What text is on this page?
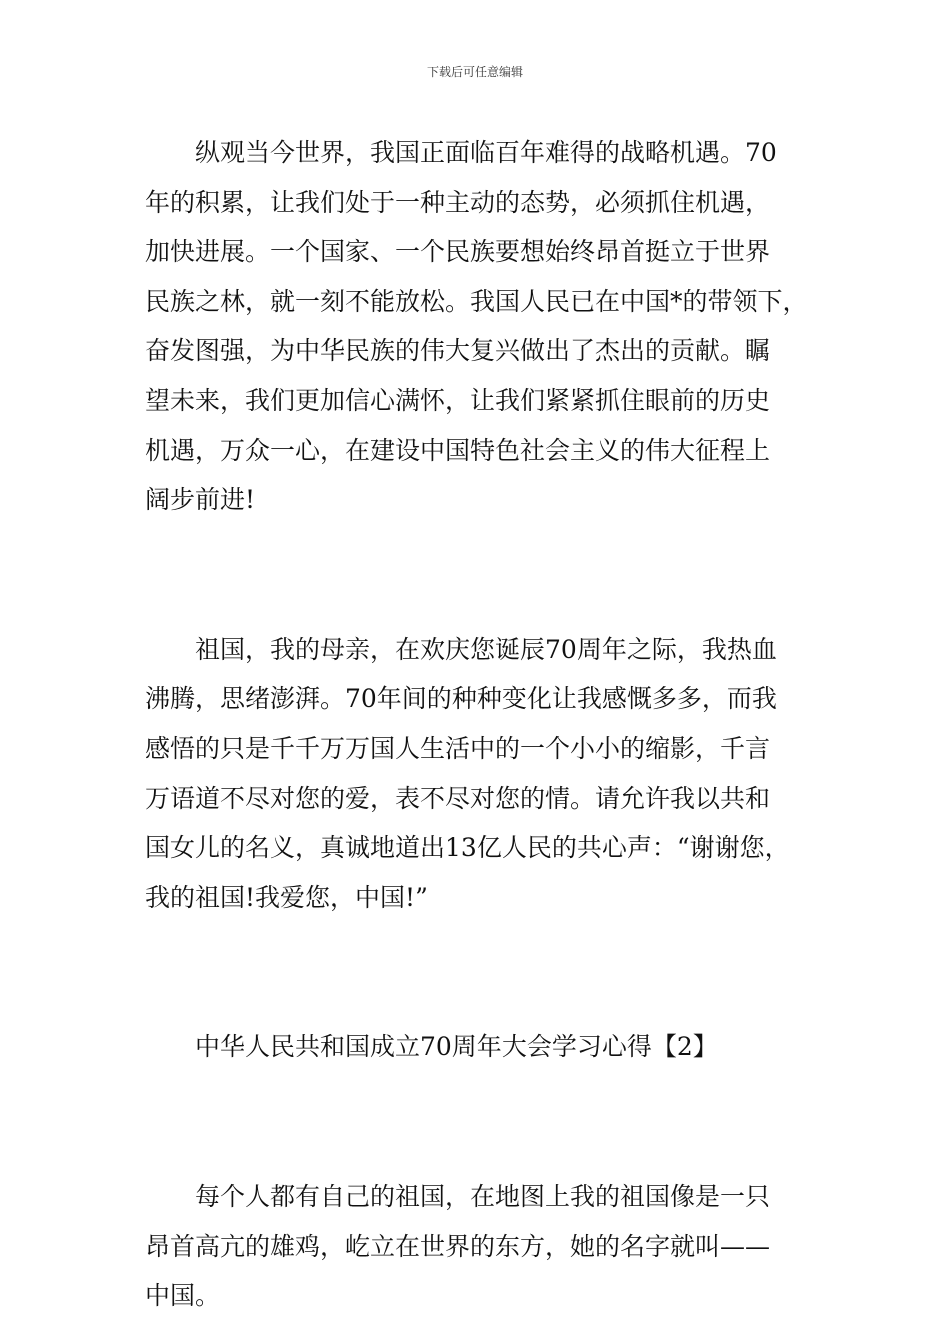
下载后可任意编辑

纵观当今世界，我国正面临百年难得的战略机遇。70
年的积累，让我们处于一种主动的态势，必须抓住机遇，
加快进展。一个国家、一个民族要想始终昂首挺立于世界
民族之林，就一刻不能放松。我国人民已在中国*的带领下，
奋发图强，为中华民族的伟大复兴做出了杰出的贡献。瞩
望未来，我们更加信心满怀，让我们紧紧抓住眼前的历史
机遇，万众一心，在建设中国特色社会主义的伟大征程上
阔步前进!

祖国，我的母亲，在欢庆您诞辰70周年之际，我热血
沸腾，思绪澎湃。70年间的种种变化让我感慨多多，而我
感悟的只是千千万万国人生活中的一个小小的缩影，千言
万语道不尽对您的爱，表不尽对您的情。请允许我以共和
国女儿的名义，真诚地道出13亿人民的共心声：“谢谢您，
我的祖国!我爱您，中国!”

中华人民共和国成立70周年大会学习心得【2】

每个人都有自己的祖国，在地图上我的祖国像是一只
昂首高亢的雄鸡，屹立在世界的东方，她的名字就叫——
中国。
